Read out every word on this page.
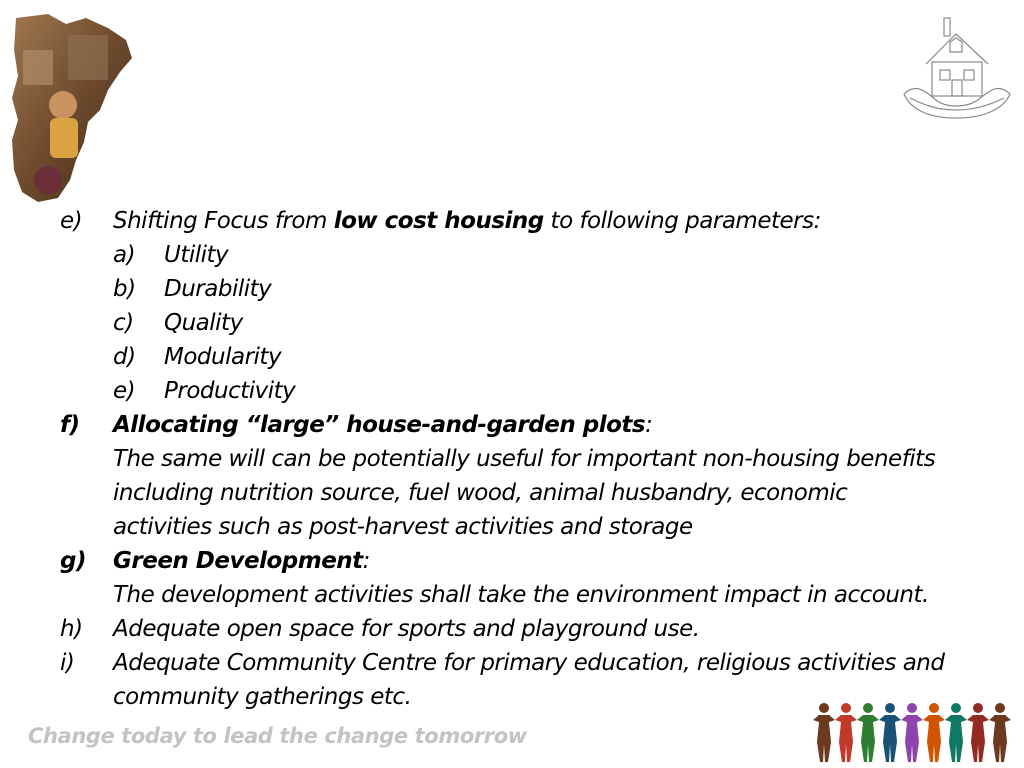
e)	Shifting Focus from low cost housing to following parameters:
a)	Utility
b)	Durability
c)	Quality
d)	Modularity
e)	Productivity
f)	Allocating “large” house-and-garden plots:
The same will can be potentially useful for important non-housing benefits
including nutrition source, fuel wood, animal husbandry, economic
activities such as post-harvest activities and storage
g)	Green Development:
The development activities shall take the environment impact in account.
h)	Adequate open space for sports and playground use.
i)	Adequate Community Centre for primary education, religious activities and
community gatherings etc.
Change today to lead the change tomorrow
